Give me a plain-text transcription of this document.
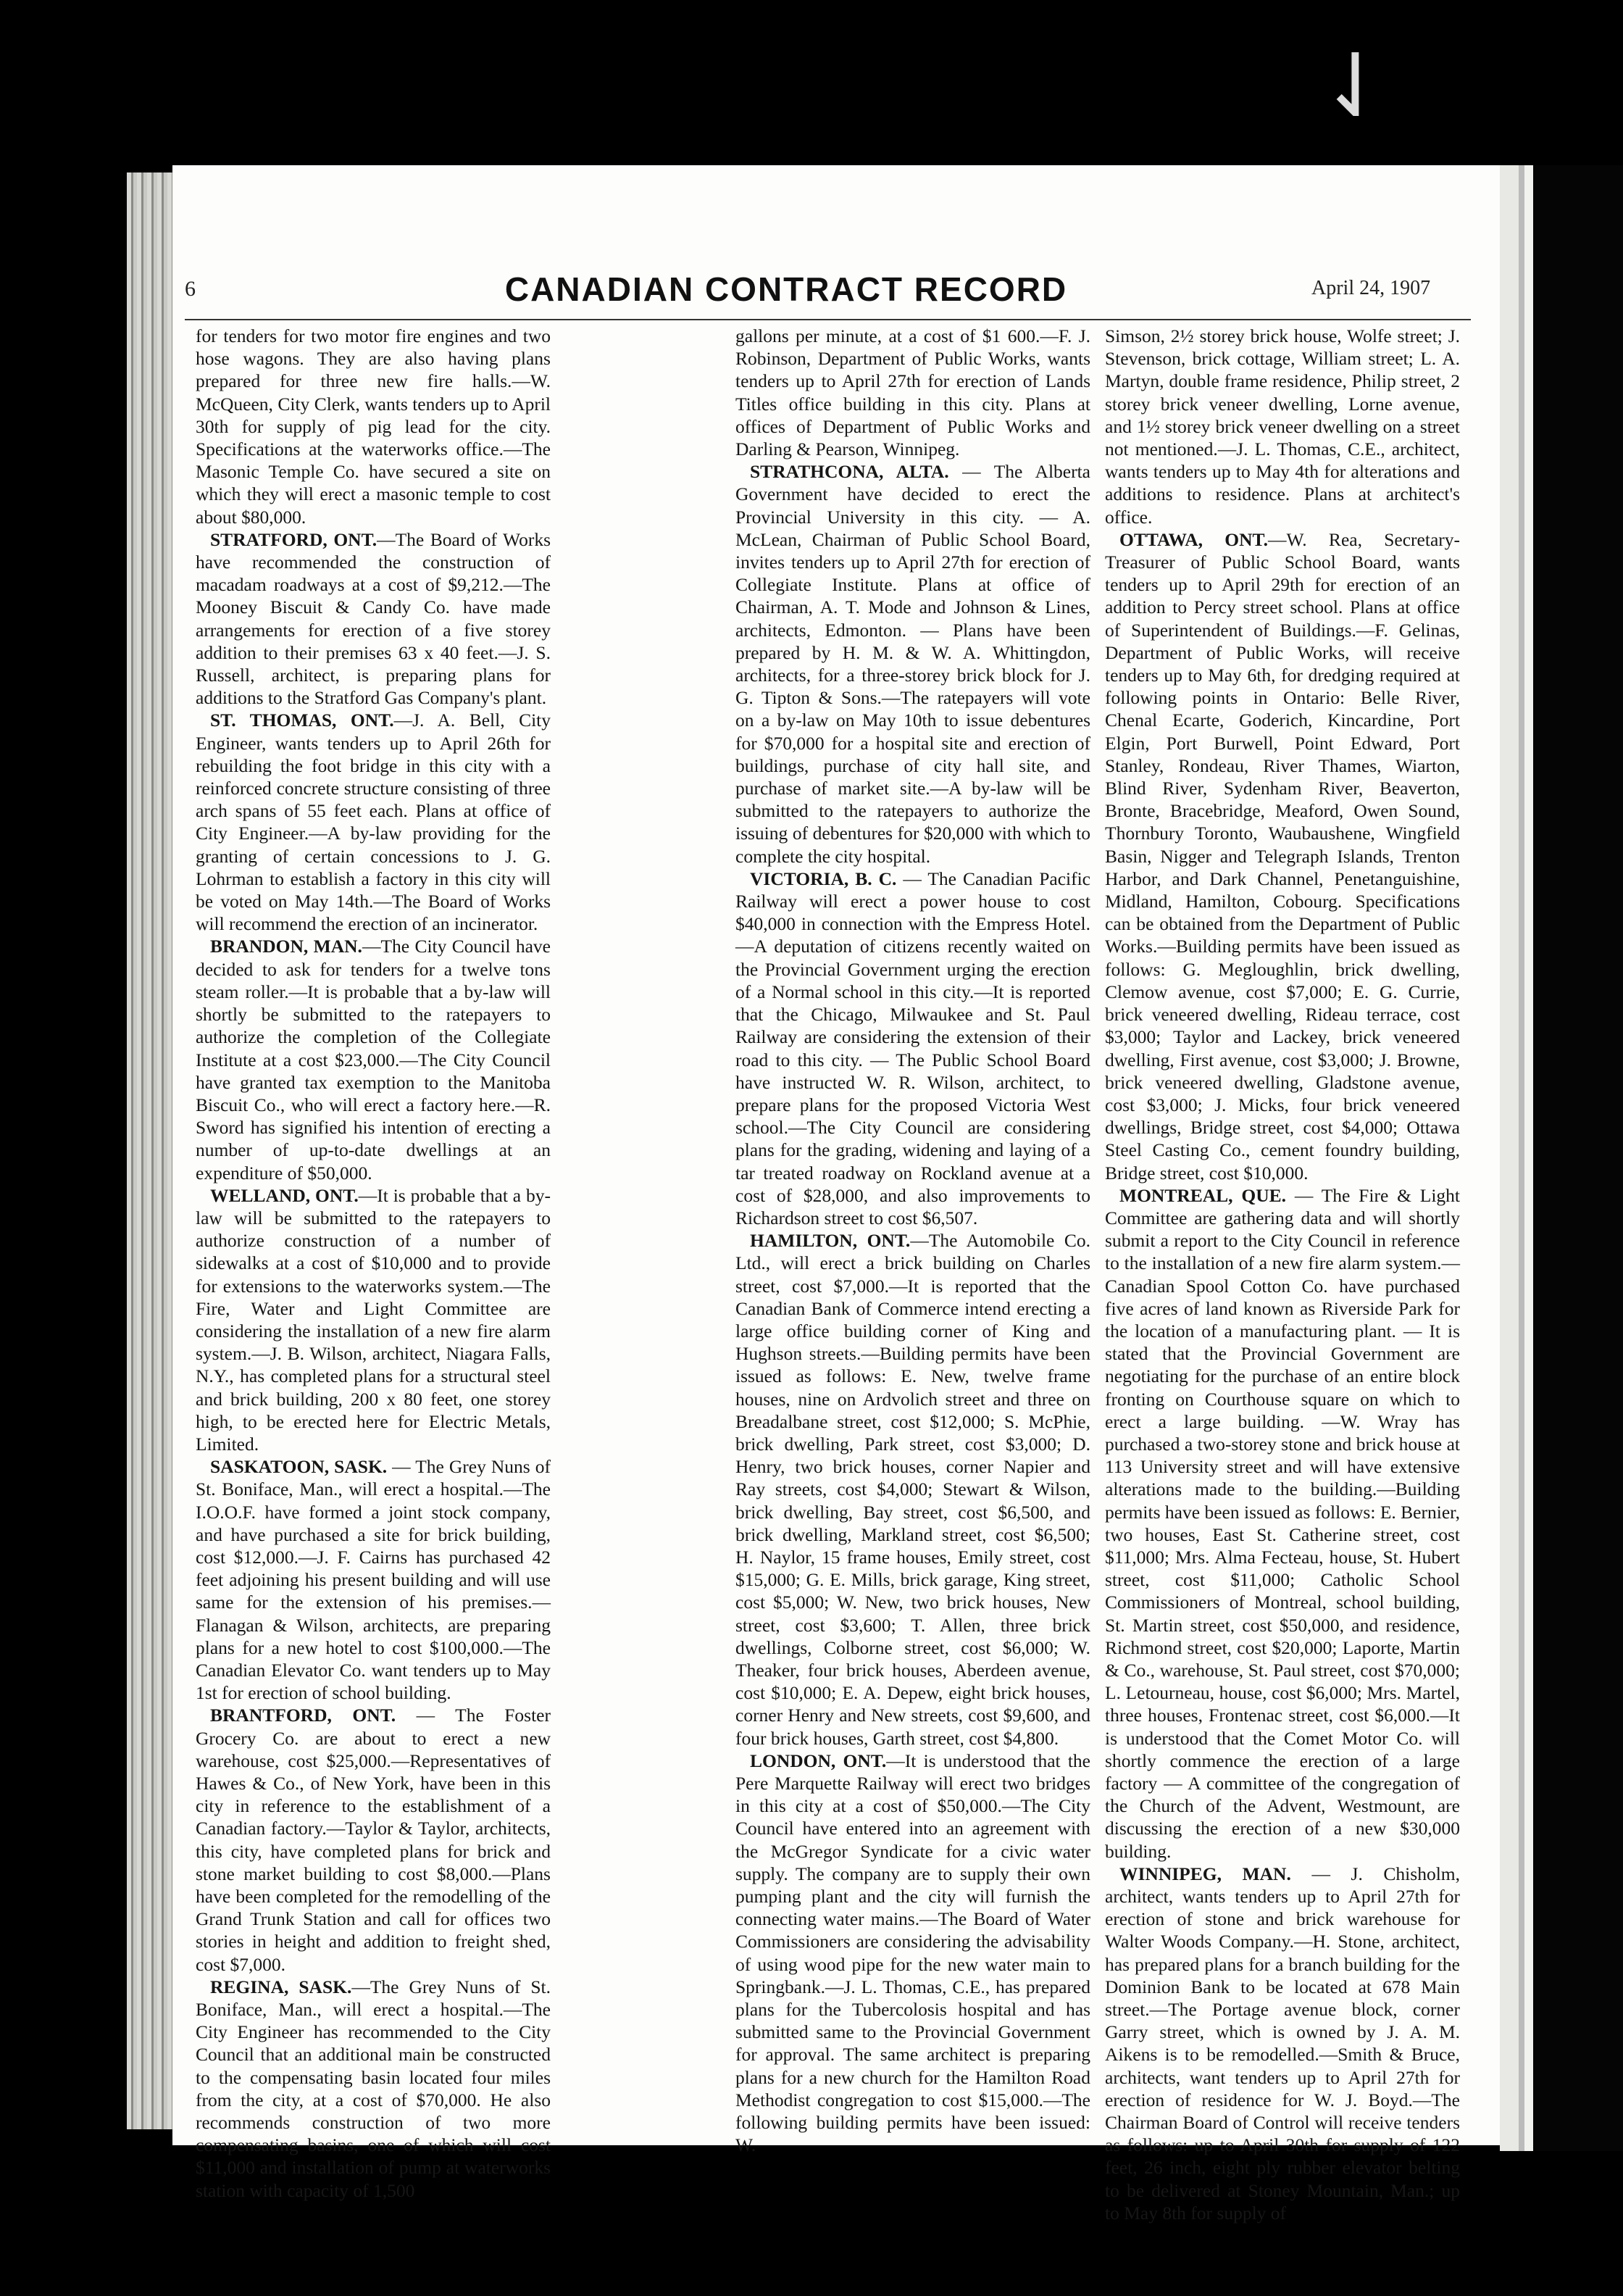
⇃
6	CANADIAN CONTRACT RECORD	April 24, 1907

for tenders for two motor fire engines and two hose wagons. They are also having plans prepared for three new fire halls.—W. McQueen, City Clerk, wants tenders up to April 30th for supply of pig lead for the city. Specifications at the waterworks office.—The Masonic Temple Co. have secured a site on which they will erect a masonic temple to cost about $80,000.

STRATFORD, ONT.—The Board of Works have recommended the construction of macadam roadways at a cost of $9,212.—The Mooney Biscuit & Candy Co. have made arrangements for erection of a five storey addition to their premises 63 x 40 feet.—J. S. Russell, architect, is preparing plans for additions to the Stratford Gas Company's plant.

ST. THOMAS, ONT.—J. A. Bell, City Engineer, wants tenders up to April 26th for rebuilding the foot bridge in this city with a reinforced concrete structure consisting of three arch spans of 55 feet each. Plans at office of City Engineer.—A by-law providing for the granting of certain concessions to J. G. Lohrman to establish a factory in this city will be voted on May 14th.—The Board of Works will recommend the erection of an incinerator.

BRANDON, MAN.—The City Council have decided to ask for tenders for a twelve tons steam roller.—It is probable that a by-law will shortly be submitted to the ratepayers to authorize the completion of the Collegiate Institute at a cost $23,000.—The City Council have granted tax exemption to the Manitoba Biscuit Co., who will erect a factory here.—R. Sword has signified his intention of erecting a number of up-to-date dwellings at an expenditure of $50,000.

WELLAND, ONT.—It is probable that a by-law will be submitted to the ratepayers to authorize construction of a number of sidewalks at a cost of $10,000 and to provide for extensions to the waterworks system.—The Fire, Water and Light Committee are considering the installation of a new fire alarm system.—J. B. Wilson, architect, Niagara Falls, N.Y., has completed plans for a structural steel and brick building, 200 x 80 feet, one storey high, to be erected here for Electric Metals, Limited.

SASKATOON, SASK. — The Grey Nuns of St. Boniface, Man., will erect a hospital.—The I.O.O.F. have formed a joint stock company, and have purchased a site for brick building, cost $12,000.—J. F. Cairns has purchased 42 feet adjoining his present building and will use same for the extension of his premises.—Flanagan & Wilson, architects, are preparing plans for a new hotel to cost $100,000.—The Canadian Elevator Co. want tenders up to May 1st for erection of school building.

BRANTFORD, ONT. — The Foster Grocery Co. are about to erect a new warehouse, cost $25,000.—Representatives of Hawes & Co., of New York, have been in this city in reference to the establishment of a Canadian factory.—Taylor & Taylor, architects, this city, have completed plans for brick and stone market building to cost $8,000.—Plans have been completed for the remodelling of the Grand Trunk Station and call for offices two stories in height and addition to freight shed, cost $7,000.

REGINA, SASK.—The Grey Nuns of St. Boniface, Man., will erect a hospital.—The City Engineer has recommended to the City Council that an additional main be constructed to the compensating basin located four miles from the city, at a cost of $70,000. He also recommends construction of two more compensating basins, one of which will cost $11,000 and installation of pump at waterworks station with capacity of 1,500

gallons per minute, at a cost of $1 600.—F. J. Robinson, Department of Public Works, wants tenders up to April 27th for erection of Lands Titles office building in this city. Plans at offices of Department of Public Works and Darling & Pearson, Winnipeg.

STRATHCONA, ALTA. — The Alberta Government have decided to erect the Provincial University in this city. — A. McLean, Chairman of Public School Board, invites tenders up to April 27th for erection of Collegiate Institute. Plans at office of Chairman, A. T. Mode and Johnson & Lines, architects, Edmonton. — Plans have been prepared by H. M. & W. A. Whittingdon, architects, for a three-storey brick block for J. G. Tipton & Sons.—The ratepayers will vote on a by-law on May 10th to issue debentures for $70,000 for a hospital site and erection of buildings, purchase of city hall site, and purchase of market site.—A by-law will be submitted to the ratepayers to authorize the issuing of debentures for $20,000 with which to complete the city hospital.

VICTORIA, B. C. — The Canadian Pacific Railway will erect a power house to cost $40,000 in connection with the Empress Hotel.—A deputation of citizens recently waited on the Provincial Government urging the erection of a Normal school in this city.—It is reported that the Chicago, Milwaukee and St. Paul Railway are considering the extension of their road to this city. — The Public School Board have instructed W. R. Wilson, architect, to prepare plans for the proposed Victoria West school.—The City Council are considering plans for the grading, widening and laying of a tar treated roadway on Rockland avenue at a cost of $28,000, and also improvements to Richardson street to cost $6,507.

HAMILTON, ONT.—The Automobile Co. Ltd., will erect a brick building on Charles street, cost $7,000.—It is reported that the Canadian Bank of Commerce intend erecting a large office building corner of King and Hughson streets.—Building permits have been issued as follows: E. New, twelve frame houses, nine on Ardvolich street and three on Breadalbane street, cost $12,000; S. McPhie, brick dwelling, Park street, cost $3,000; D. Henry, two brick houses, corner Napier and Ray streets, cost $4,000; Stewart & Wilson, brick dwelling, Bay street, cost $6,500, and brick dwelling, Markland street, cost $6,500; H. Naylor, 15 frame houses, Emily street, cost $15,000; G. E. Mills, brick garage, King street, cost $5,000; W. New, two brick houses, New street, cost $3,600; T. Allen, three brick dwellings, Colborne street, cost $6,000; W. Theaker, four brick houses, Aberdeen avenue, cost $10,000; E. A. Depew, eight brick houses, corner Henry and New streets, cost $9,600, and four brick houses, Garth street, cost $4,800.

LONDON, ONT.—It is understood that the Pere Marquette Railway will erect two bridges in this city at a cost of $50,000.—The City Council have entered into an agreement with the McGregor Syndicate for a civic water supply. The company are to supply their own pumping plant and the city will furnish the connecting water mains.—The Board of Water Commissioners are considering the advisability of using wood pipe for the new water main to Springbank.—J. L. Thomas, C.E., has prepared plans for the Tubercolosis hospital and has submitted same to the Provincial Government for approval. The same architect is preparing plans for a new church for the Hamilton Road Methodist congregation to cost $15,000.—The following building permits have been issued: W.

Simson, 2½ storey brick house, Wolfe street; J. Stevenson, brick cottage, William street; L. A. Martyn, double frame residence, Philip street, 2 storey brick veneer dwelling, Lorne avenue, and 1½ storey brick veneer dwelling on a street not mentioned.—J. L. Thomas, C.E., architect, wants tenders up to May 4th for alterations and additions to residence. Plans at architect's office.

OTTAWA, ONT.—W. Rea, Secretary-Treasurer of Public School Board, wants tenders up to April 29th for erection of an addition to Percy street school. Plans at office of Superintendent of Buildings.—F. Gelinas, Department of Public Works, will receive tenders up to May 6th, for dredging required at following points in Ontario: Belle River, Chenal Ecarte, Goderich, Kincardine, Port Elgin, Port Burwell, Point Edward, Port Stanley, Rondeau, River Thames, Wiarton, Blind River, Sydenham River, Beaverton, Bronte, Bracebridge, Meaford, Owen Sound, Thornbury Toronto, Waubaushene, Wingfield Basin, Nigger and Telegraph Islands, Trenton Harbor, and Dark Channel, Penetanguishine, Midland, Hamilton, Cobourg. Specifications can be obtained from the Department of Public Works.—Building permits have been issued as follows: G. Megloughlin, brick dwelling, Clemow avenue, cost $7,000; E. G. Currie, brick veneered dwelling, Rideau terrace, cost $3,000; Taylor and Lackey, brick veneered dwelling, First avenue, cost $3,000; J. Browne, brick veneered dwelling, Gladstone avenue, cost $3,000; J. Micks, four brick veneered dwellings, Bridge street, cost $4,000; Ottawa Steel Casting Co., cement foundry building, Bridge street, cost $10,000.

MONTREAL, QUE. — The Fire & Light Committee are gathering data and will shortly submit a report to the City Council in reference to the installation of a new fire alarm system.—Canadian Spool Cotton Co. have purchased five acres of land known as Riverside Park for the location of a manufacturing plant. — It is stated that the Provincial Government are negotiating for the purchase of an entire block fronting on Courthouse square on which to erect a large building. —W. Wray has purchased a two-storey stone and brick house at 113 University street and will have extensive alterations made to the building.—Building permits have been issued as follows: E. Bernier, two houses, East St. Catherine street, cost $11,000; Mrs. Alma Fecteau, house, St. Hubert street, cost $11,000; Catholic School Commissioners of Montreal, school building, St. Martin street, cost $50,000, and residence, Richmond street, cost $20,000; Laporte, Martin & Co., warehouse, St. Paul street, cost $70,000; L. Letourneau, house, cost $6,000; Mrs. Martel, three houses, Frontenac street, cost $6,000.—It is understood that the Comet Motor Co. will shortly commence the erection of a large factory — A committee of the congregation of the Church of the Advent, Westmount, are discussing the erection of a new $30,000 building.

WINNIPEG, MAN. — J. Chisholm, architect, wants tenders up to April 27th for erection of stone and brick warehouse for Walter Woods Company.—H. Stone, architect, has prepared plans for a branch building for the Dominion Bank to be located at 678 Main street.—The Portage avenue block, corner Garry street, which is owned by J. A. M. Aikens is to be remodelled.—Smith & Bruce, architects, want tenders up to April 27th for erection of residence for W. J. Boyd.—The Chairman Board of Control will receive tenders as follows: up to April 30th for supply of 122 feet, 26 inch, eight ply rubber elevator belting to be delivered at Stoney Mountain, Man.; up to May 8th for supply of
